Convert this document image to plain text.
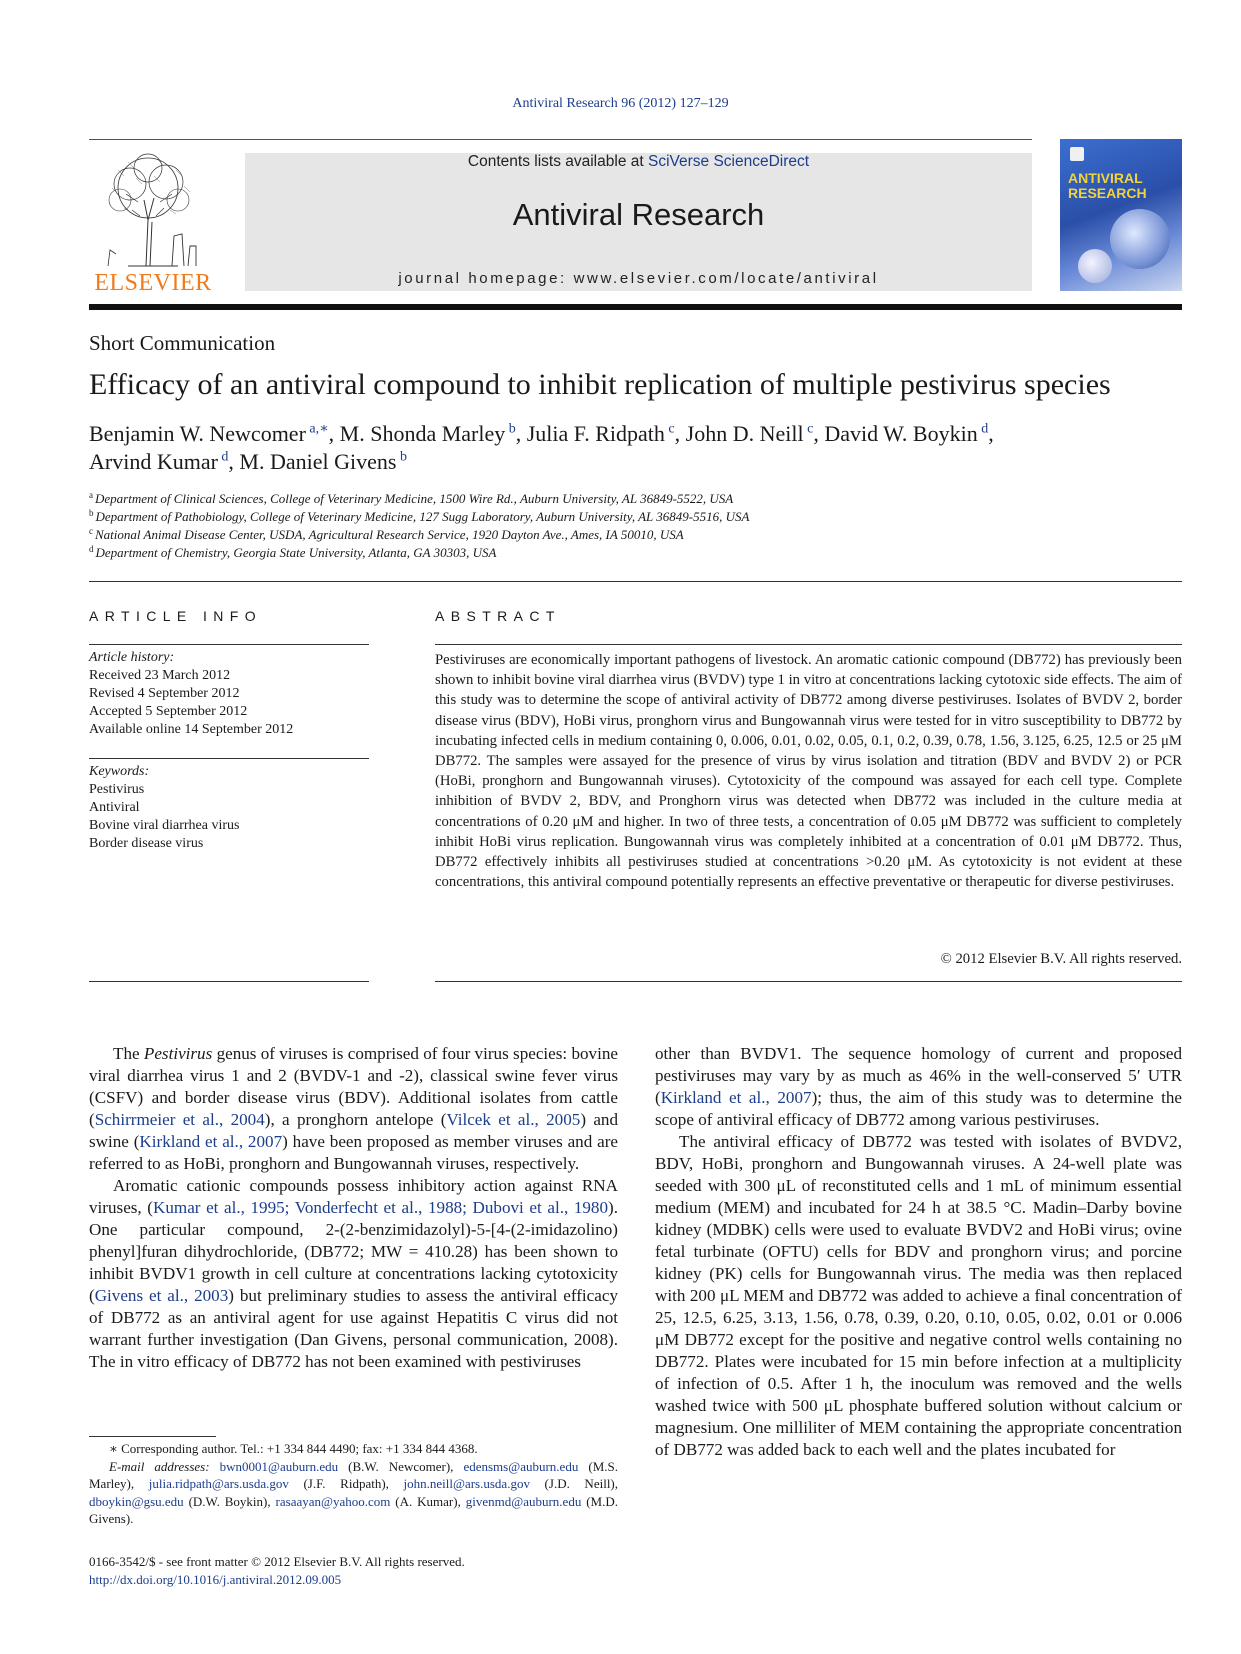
Antiviral Research 96 (2012) 127–129
ELSEVIER
Contents lists available at SciVerse ScienceDirect
Antiviral Research
journal homepage: www.elsevier.com/locate/antiviral
ANTIVIRAL RESEARCH
Short Communication
Efficacy of an antiviral compound to inhibit replication of multiple pestivirus species
Benjamin W. Newcomer $^{a,∗}$, M. Shonda Marley $^b$, Julia F. Ridpath $^c$, John D. Neill $^c$, David W. Boykin $^d$,
Arvind Kumar $^d$, M. Daniel Givens $^b$
$^a$ Department of Clinical Sciences, College of Veterinary Medicine, 1500 Wire Rd., Auburn University, AL 36849-5522, USA
$^b$ Department of Pathobiology, College of Veterinary Medicine, 127 Sugg Laboratory, Auburn University, AL 36849-5516, USA
$^c$ National Animal Disease Center, USDA, Agricultural Research Service, 1920 Dayton Ave., Ames, IA 50010, USA
$^d$ Department of Chemistry, Georgia State University, Atlanta, GA 30303, USA
ARTICLE INFO	ABSTRACT
Article history:
Received 23 March 2012
Revised 4 September 2012
Accepted 5 September 2012
Available online 14 September 2012
Keywords:
Pestivirus
Antiviral
Bovine viral diarrhea virus
Border disease virus
Pestiviruses are economically important pathogens of livestock. An aromatic cationic compound (DB772) has previously been shown to inhibit bovine viral diarrhea virus (BVDV) type 1 in vitro at concentrations lacking cytotoxic side effects. The aim of this study was to determine the scope of antiviral activity of DB772 among diverse pestiviruses. Isolates of BVDV 2, border disease virus (BDV), HoBi virus, pronghorn virus and Bungowannah virus were tested for in vitro susceptibility to DB772 by incubating infected cells in medium containing 0, 0.006, 0.01, 0.02, 0.05, 0.1, 0.2, 0.39, 0.78, 1.56, 3.125, 6.25, 12.5 or 25 μM DB772. The samples were assayed for the presence of virus by virus isolation and titration (BDV and BVDV 2) or PCR (HoBi, pronghorn and Bungowannah viruses). Cytotoxicity of the compound was assayed for each cell type. Complete inhibition of BVDV 2, BDV, and Pronghorn virus was detected when DB772 was included in the culture media at concentrations of 0.20 μM and higher. In two of three tests, a concentration of 0.05 μM DB772 was sufficient to completely inhibit HoBi virus replication. Bungowannah virus was completely inhibited at a concentration of 0.01 μM DB772. Thus, DB772 effectively inhibits all pestiviruses studied at concentrations >0.20 μM. As cytotoxicity is not evident at these concentrations, this antiviral compound potentially represents an effective preventative or therapeutic for diverse pestiviruses.
© 2012 Elsevier B.V. All rights reserved.

The Pestivirus genus of viruses is comprised of four virus species: bovine viral diarrhea virus 1 and 2 (BVDV-1 and -2), classical swine fever virus (CSFV) and border disease virus (BDV). Additional isolates from cattle (Schirrmeier et al., 2004), a pronghorn antelope (Vilcek et al., 2005) and swine (Kirkland et al., 2007) have been proposed as member viruses and are referred to as HoBi, pronghorn and Bungowannah viruses, respectively.

Aromatic cationic compounds possess inhibitory action against RNA viruses, (Kumar et al., 1995; Vonderfecht et al., 1988; Dubovi et al., 1980). One particular compound, 2-(2-benzimidazolyl)-5-[4-(2-imidazolino) phenyl]furan dihydrochloride, (DB772; MW = 410.28) has been shown to inhibit BVDV1 growth in cell culture at concentrations lacking cytotoxicity (Givens et al., 2003) but preliminary studies to assess the antiviral efficacy of DB772 as an antiviral agent for use against Hepatitis C virus did not warrant further investigation (Dan Givens, personal communication, 2008). The in vitro efficacy of DB772 has not been examined with pestiviruses

other than BVDV1. The sequence homology of current and proposed pestiviruses may vary by as much as 46% in the well-conserved 5′ UTR (Kirkland et al., 2007); thus, the aim of this study was to determine the scope of antiviral efficacy of DB772 among various pestiviruses.

The antiviral efficacy of DB772 was tested with isolates of BVDV2, BDV, HoBi, pronghorn and Bungowannah viruses. A 24-well plate was seeded with 300 μL of reconstituted cells and 1 mL of minimum essential medium (MEM) and incubated for 24 h at 38.5 °C. Madin–Darby bovine kidney (MDBK) cells were used to evaluate BVDV2 and HoBi virus; ovine fetal turbinate (OFTU) cells for BDV and pronghorn virus; and porcine kidney (PK) cells for Bungowannah virus. The media was then replaced with 200 μL MEM and DB772 was added to achieve a final concentration of 25, 12.5, 6.25, 3.13, 1.56, 0.78, 0.39, 0.20, 0.10, 0.05, 0.02, 0.01 or 0.006 μM DB772 except for the positive and negative control wells containing no DB772. Plates were incubated for 15 min before infection at a multiplicity of infection of 0.5. After 1 h, the inoculum was removed and the wells washed twice with 500 μL phosphate buffered solution without calcium or magnesium. One milliliter of MEM containing the appropriate concentration of DB772 was added back to each well and the plates incubated for

∗ Corresponding author. Tel.: +1 334 844 4490; fax: +1 334 844 4368.
E-mail addresses: bwn0001@auburn.edu (B.W. Newcomer), edensms@auburn.edu (M.S. Marley), julia.ridpath@ars.usda.gov (J.F. Ridpath), john.neill@ars.usda.gov (J.D. Neill), dboykin@gsu.edu (D.W. Boykin), rasaayan@yahoo.com (A. Kumar), givenmd@auburn.edu (M.D. Givens).
0166-3542/$ - see front matter © 2012 Elsevier B.V. All rights reserved.
http://dx.doi.org/10.1016/j.antiviral.2012.09.005
